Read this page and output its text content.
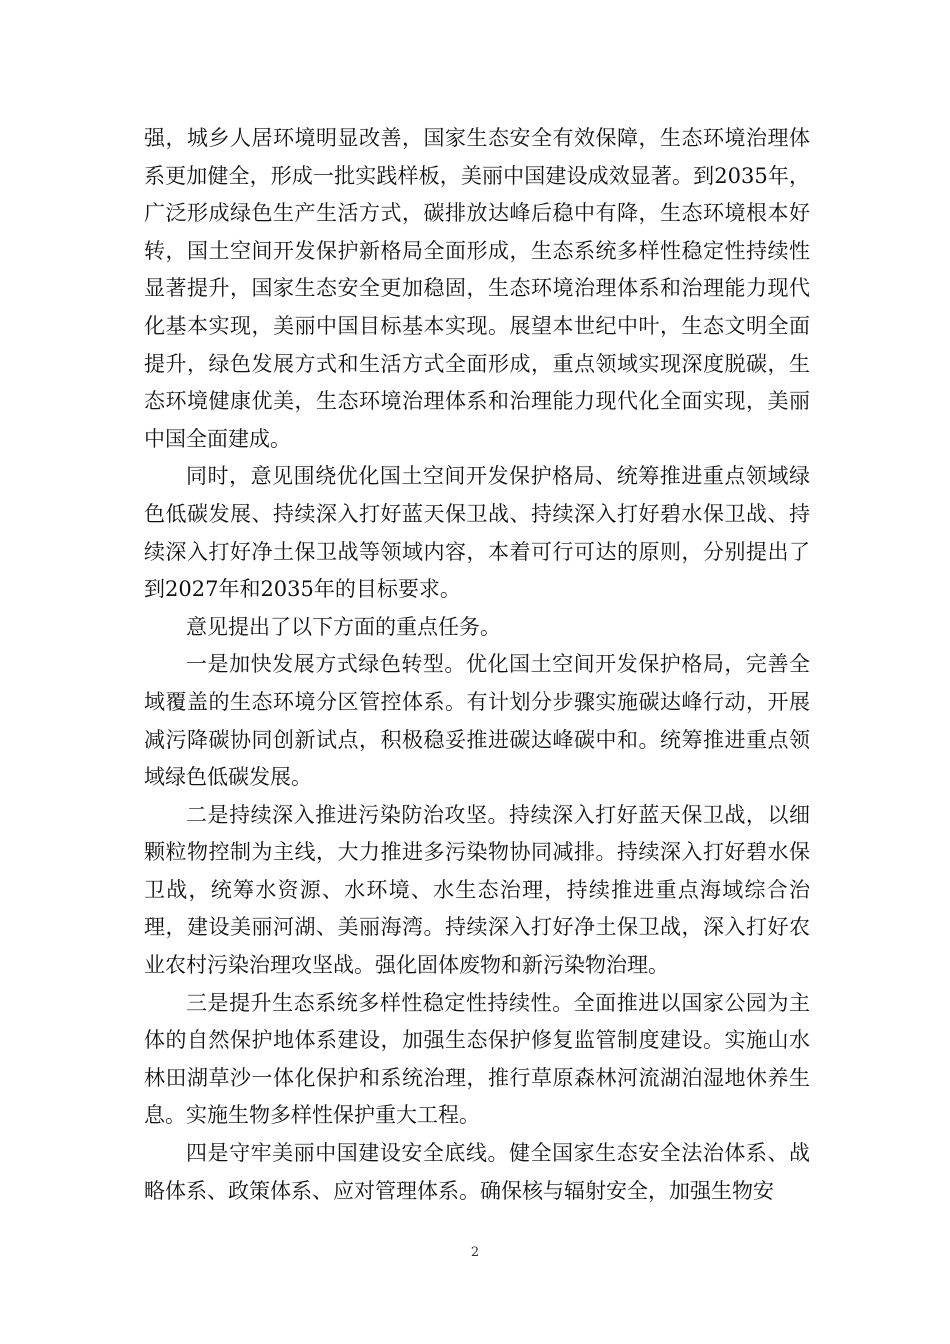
强，城乡人居环境明显改善，国家生态安全有效保障，生态环境治理体系更加健全，形成一批实践样板，美丽中国建设成效显著。到2035年，广泛形成绿色生产生活方式，碳排放达峰后稳中有降，生态环境根本好转，国土空间开发保护新格局全面形成，生态系统多样性稳定性持续性显著提升，国家生态安全更加稳固，生态环境治理体系和治理能力现代化基本实现，美丽中国目标基本实现。展望本世纪中叶，生态文明全面提升，绿色发展方式和生活方式全面形成，重点领域实现深度脱碳，生态环境健康优美，生态环境治理体系和治理能力现代化全面实现，美丽中国全面建成。

同时，意见围绕优化国土空间开发保护格局、统筹推进重点领域绿色低碳发展、持续深入打好蓝天保卫战、持续深入打好碧水保卫战、持续深入打好净土保卫战等领域内容，本着可行可达的原则，分别提出了到2027年和2035年的目标要求。

意见提出了以下方面的重点任务。

一是加快发展方式绿色转型。优化国土空间开发保护格局，完善全域覆盖的生态环境分区管控体系。有计划分步骤实施碳达峰行动，开展减污降碳协同创新试点，积极稳妥推进碳达峰碳中和。统筹推进重点领域绿色低碳发展。

二是持续深入推进污染防治攻坚。持续深入打好蓝天保卫战，以细颗粒物控制为主线，大力推进多污染物协同减排。持续深入打好碧水保卫战，统筹水资源、水环境、水生态治理，持续推进重点海域综合治理，建设美丽河湖、美丽海湾。持续深入打好净土保卫战，深入打好农业农村污染治理攻坚战。强化固体废物和新污染物治理。

三是提升生态系统多样性稳定性持续性。全面推进以国家公园为主体的自然保护地体系建设，加强生态保护修复监管制度建设。实施山水林田湖草沙一体化保护和系统治理，推行草原森林河流湖泊湿地休养生息。实施生物多样性保护重大工程。

四是守牢美丽中国建设安全底线。健全国家生态安全法治体系、战略体系、政策体系、应对管理体系。确保核与辐射安全，加强生物安

2
